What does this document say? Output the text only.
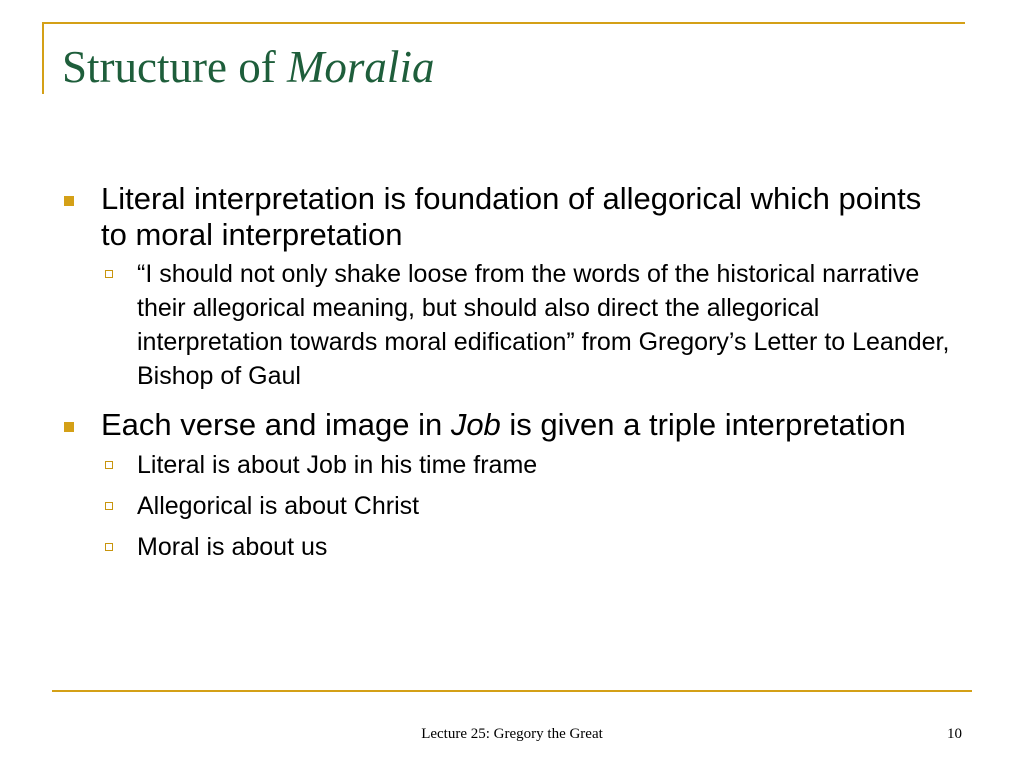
Structure of Moralia
Literal interpretation is foundation of allegorical which points to moral interpretation
“I should not only shake loose from the words of the historical narrative their allegorical meaning, but should also direct the allegorical interpretation towards moral edification” from Gregory’s Letter to Leander, Bishop of Gaul
Each verse and image in Job is given a triple interpretation
Literal is about Job in his time frame
Allegorical is about Christ
Moral is about us
Lecture 25: Gregory the Great	10
